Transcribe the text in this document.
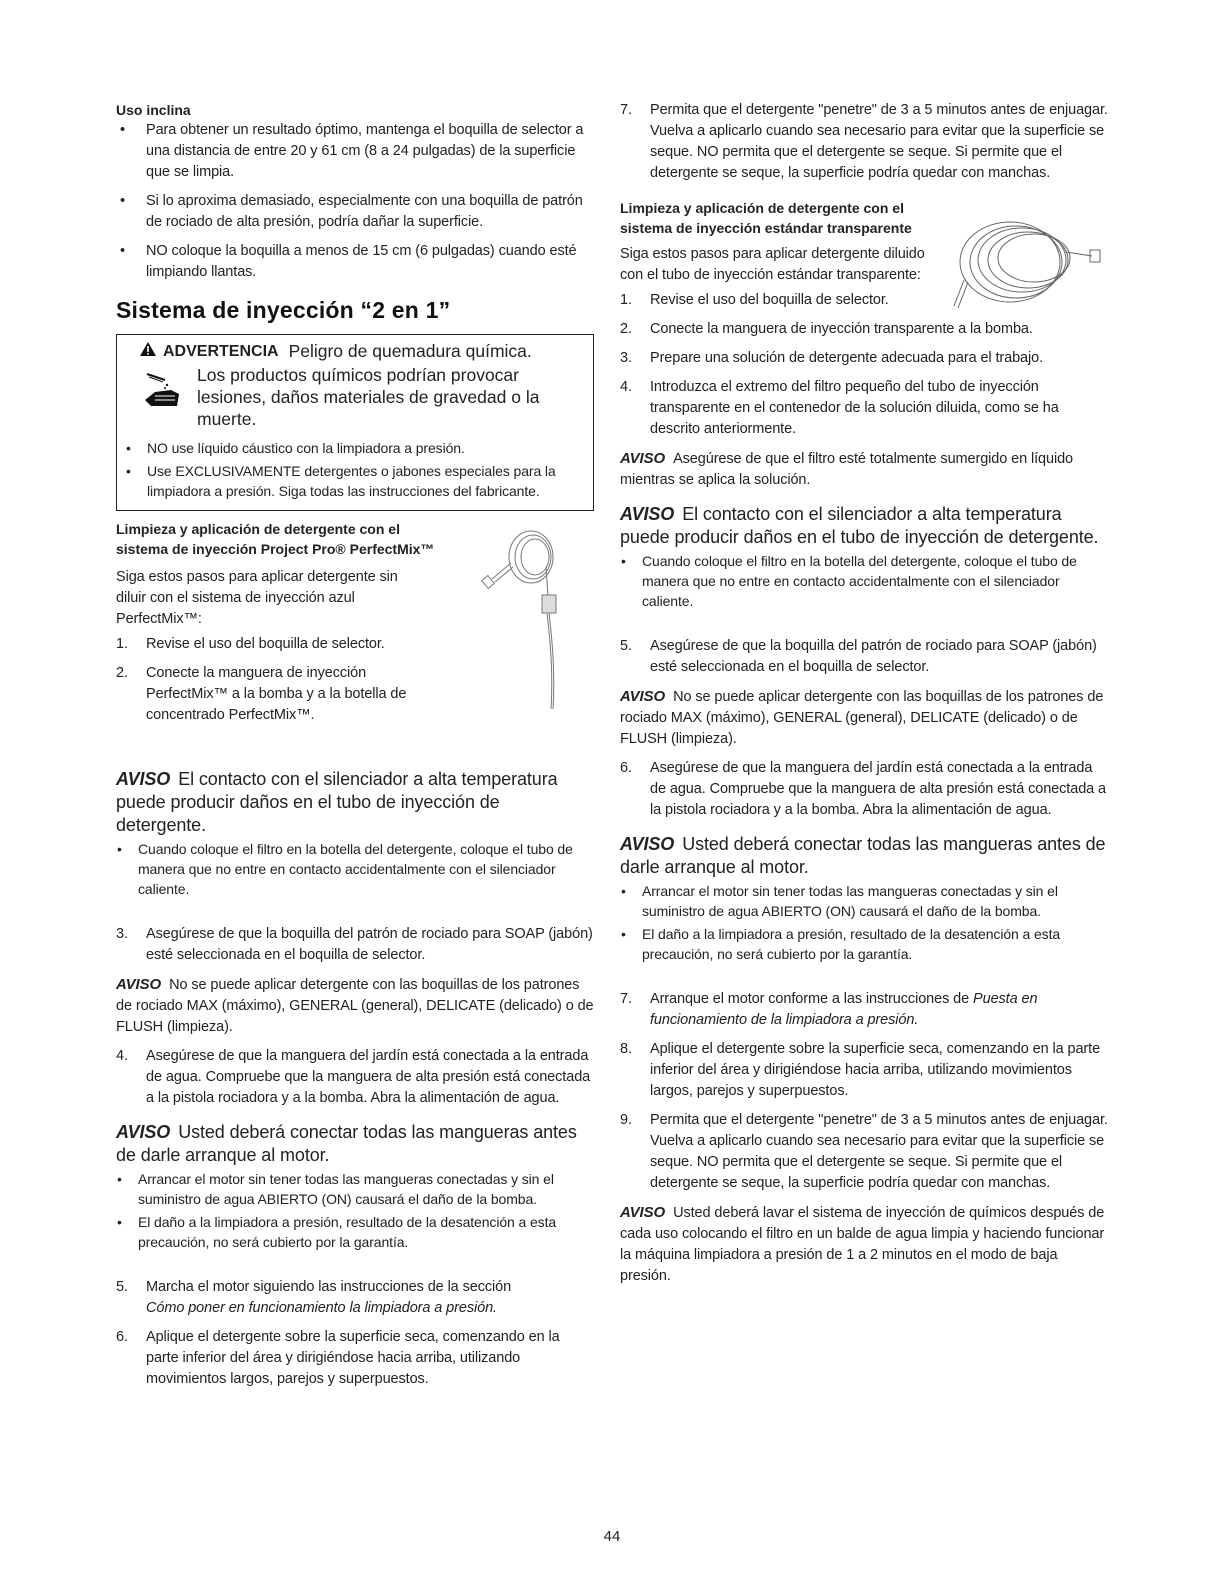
Uso inclina
• Para obtener un resultado óptimo, mantenga el boquilla de selector a una distancia de entre 20 y 61 cm (8 a 24 pulgadas) de la superficie que se limpia.
• Si lo aproxima demasiado, especialmente con una boquilla de patrón de rociado de alta presión, podría dañar la superficie.
• NO coloque la boquilla a menos de 15 cm (6 pulgadas) cuando esté limpiando llantas.
Sistema de inyección “2 en 1”
ADVERTENCIA Peligro de quemadura química.
Los productos químicos podrían provocar lesiones, daños materiales de gravedad o la muerte.
• NO use líquido cáustico con la limpiadora a presión.
• Use EXCLUSIVAMENTE detergentes o jabones especiales para la limpiadora a presión. Siga todas las instrucciones del fabricante.
Limpieza y aplicación de detergente con el sistema de inyección Project Pro® PerfectMix™

Siga estos pasos para aplicar detergente sin diluir con el sistema de inyección azul PerfectMix™:

1.	Revise el uso del boquilla de selector.
2.	Conecte la manguera de inyección PerfectMix™ a la bomba y a la botella de concentrado PerfectMix™.

AVISO El contacto con el silenciador a alta temperatura puede producir daños en el tubo de inyección de detergente.

• Cuando coloque el filtro en la botella del detergente, coloque el tubo de manera que no entre en contacto accidentalmente con el silenciador caliente.
3.	Asegúrese de que la boquilla del patrón de rociado para SOAP (jabón) esté seleccionada en el boquilla de selector.

AVISO No se puede aplicar detergente con las boquillas de los patrones de rociado MAX (máximo), GENERAL (general), DELICATE (delicado) o de FLUSH (limpieza).

4.	Asegúrese de que la manguera del jardín está conectada a la entrada de agua. Compruebe que la manguera de alta presión está conectada a la pistola rociadora y a la bomba. Abra la alimentación de agua.

AVISO Usted deberá conectar todas las mangueras antes de darle arranque al motor.

• Arrancar el motor sin tener todas las mangueras conectadas y sin el suministro de agua ABIERTO (ON) causará el daño de la bomba.
• El daño a la limpiadora a presión, resultado de la desatención a esta precaución, no será cubierto por la garantía.
5.	Marcha el motor siguiendo las instrucciones de la sección
Cómo poner en funcionamiento la limpiadora a presión.
6.	Aplique el detergente sobre la superficie seca, comenzando en la parte inferior del área y dirigiéndose hacia arriba, utilizando movimientos largos, parejos y superpuestos.
7.	Permita que el detergente "penetre" de 3 a 5 minutos antes de enjuagar. Vuelva a aplicarlo cuando sea necesario para evitar que la superficie se seque. NO permita que el detergente se seque. Si permite que el detergente se seque, la superficie podría quedar con manchas.
Limpieza y aplicación de detergente con el sistema de inyección estándar transparente

Siga estos pasos para aplicar detergente diluido con el tubo de inyección estándar transparente:

1.	Revise el uso del boquilla de selector.
2.	Conecte la manguera de inyección transparente a la bomba.
3.	Prepare una solución de detergente adecuada para el trabajo.
4.	Introduzca el extremo del filtro pequeño del tubo de inyección transparente en el contenedor de la solución diluida, como se ha descrito anteriormente.

AVISO Asegúrese de que el filtro esté totalmente sumergido en líquido mientras se aplica la solución.

AVISO El contacto con el silenciador a alta temperatura puede producir daños en el tubo de inyección de detergente.

• Cuando coloque el filtro en la botella del detergente, coloque el tubo de manera que no entre en contacto accidentalmente con el silenciador caliente.
5.	Asegúrese de que la boquilla del patrón de rociado para SOAP (jabón) esté seleccionada en el boquilla de selector.

AVISO No se puede aplicar detergente con las boquillas de los patrones de rociado MAX (máximo), GENERAL (general), DELICATE (delicado) o de FLUSH (limpieza).

6.	Asegúrese de que la manguera del jardín está conectada a la entrada de agua. Compruebe que la manguera de alta presión está conectada a la pistola rociadora y a la bomba. Abra la alimentación de agua.

AVISO Usted deberá conectar todas las mangueras antes de darle arranque al motor.

• Arrancar el motor sin tener todas las mangueras conectadas y sin el suministro de agua ABIERTO (ON) causará el daño de la bomba.
• El daño a la limpiadora a presión, resultado de la desatención a esta precaución, no será cubierto por la garantía.
7.	Arranque el motor conforme a las instrucciones de Puesta en funcionamiento de la limpiadora a presión.
8.	Aplique el detergente sobre la superficie seca, comenzando en la parte inferior del área y dirigiéndose hacia arriba, utilizando movimientos largos, parejos y superpuestos.
9.	Permita que el detergente "penetre" de 3 a 5 minutos antes de enjuagar. Vuelva a aplicarlo cuando sea necesario para evitar que la superficie se seque. NO permita que el detergente se seque. Si permite que el detergente se seque, la superficie podría quedar con manchas.

AVISO Usted deberá lavar el sistema de inyección de químicos después de cada uso colocando el filtro en un balde de agua limpia y haciendo funcionar la máquina limpiadora a presión de 1 a 2 minutos en el modo de baja presión.

44
